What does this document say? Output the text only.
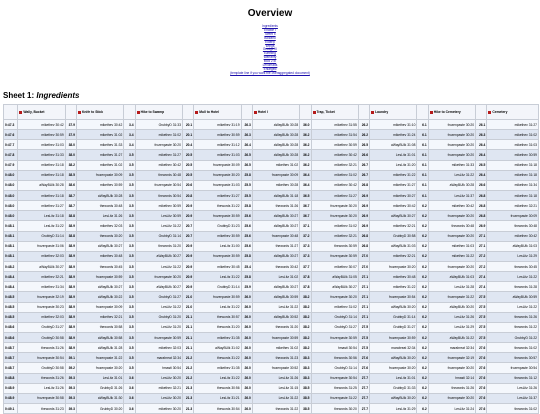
Overview
Ingredients
Enable I
Tweet II
Bolzano
Elderly
Wings
Grudge III
Earthing
Warranty
Mod 2 III
Lexomads
Enlarged
(template line if you want the overaggregated document)
Sheet 1: Ingredients
	Wally, Bucket		Knife to Stick		Hike to Swamp		Mull to Hotel		Hotel I		Trap, Ticket		Laundry		Hike to Cemetery		Cemetery
0:47.3	mikethev 30:42	37.9	mikethev 30:42	3.4	GrubbyD 31:33	20.1	mikethev 31:19	26.3	aWayBUlk 30:28	36.0	mikethev 31:55	26.2	mikethev 31:10	6.1	frozenpaste 30:20	26.1	mikethev 31:27
0:47.6	mikethev 30:59	37.9	mikethev 31:02	3.4	mikethev 31:02	20.1	mikethev 30:59	26.3	aWayBUlk 30:28	36.2	mikethev 31:54	26.2	mikethev 31:24	6.1	frozenpaste 30:20	26.3	mikethev 31:02
0:47.7	mikethev 31:03	38.0	mikethev 31:33	3.4	frozenpaste 30:20	20.4	mikethev 31:12	26.4	aWayBUlk 30:28	36.2	mikethev 30:59	26.5	aWayBUlk 31:08	6.1	frozenpaste 30:20	26.4	mikethev 31:03
0:47.8	mikethev 31:33	38.0	mikethev 31:27	3.5	mikethev 31:27	20.5	mikethev 31:03	26.5	aWayBUlk 30:28	36.2	mikethev 30:42	26.6	LesLitz 31:01	6.1	frozenpaste 30:20	26.4	mikethev 30:59
0:47.9	mikethev 31:18	38.2	mikethev 31:02	3.5	mikethev 30:42	20.5	frozenpaste 30:09	26.5	mikethev 31:02	36.2	mikethev 32:21	26.7	LesLitz 31:20	6.1	mikethev 31:33	26.5	mikethev 31:18
0:48.0	mikethev 31:18	38.5	frozenpaste 30:09	3.5	thewords 30:48	20.5	frozenpaste 30:20	25.8	frozenpaste 30:09	36.4	mikethev 31:02	26.7	mikethev 31:22	6.1	LesLitz 31:22	26.4	mikethev 31:18
0:48.0	aWayBUlk 30:28	38.6	mikethev 30:59	3.5	frozenpaste 30:54	20.6	frozenpaste 31:03	25.5	mikethev 30:28	36.4	mikethev 30:42	26.8	mikethev 31:27	6.1	aWayBUlk 30:28	26.6	mikethev 31:34
0:48.0	mikethev 31:18	38.7	aWayBUlk 30:28	3.5	thewords 30:54	20.8	mikethev 31:27	25.5	aWayBUlk 31:18	36.5	mikethev 31:27	26.9	mikethev 30:27	6.1	LesLitz 31:37	26.8	mikethev 31:18
0:48.0	mikethev 31:27	38.7	thewords 30:48	3.5	mikethev 30:59	20.9	thewords 31:22	25.8	thewords 31:26	36.7	frozenpaste 30:20	26.9	mikethev 30:42	6.2	mikethev 30:42	26.8	mikethev 32:21
0:48.0	LesLitz 31:18	38.8	LesLitz 31:26	3.5	LesLitz 30:59	20.9	frozenpaste 30:59	25.6	aWayBUlk 30:27	36.7	frozenpaste 30:20	26.9	aWayBUlk 30:27	6.2	frozenpaste 30:20	26.8	frozenpaste 30:09
0:48.1	LesLitz 31:22	38.9	mikethev 32:03	3.5	LesLitz 31:22	20.7	GrubbyD 31:23	25.6	aWayBUlk 30:27	37.1	mikethev 31:02	26.9	mikethev 32:21	6.2	thewords 30:48	26.9	thewords 30:48
0:48.1	GrubbyD 31:14	38.8	thewords 30:20	3.5	GrubbyD 31:14	20.7	mikethev 30:59	25.6	frozenpaste 30:48	37.2	mikethev 32:21	26.8	GrubbyD 30:58	6.2	frozenpaste 30:20	27.1	mikethev 30:42
0:48.1	frozenpaste 31:06	38.9	aWayBUlk 30:27	3.5	thewords 31:20	20.9	LesLitz 31:00	25.6	thewords 31:27	37.3	thewords 30:59	26.8	aWayBUlk 31:03	6.2	mikethev 31:03	27.1	aWayBUlk 31:03
0:48.1	mikethev 32:03	38.9	mikethev 30:48	3.5	aWayBUlk 30:27	20.9	frozenpaste 30:59	25.8	aWayBUlk 30:27	37.3	frozenpaste 30:59	27.0	mikethev 32:21	6.2	mikethev 31:22	27.2	LesLitz 31:29
0:48.2	aWayBUlk 30:27	38.9	thewords 30:45	3.5	LesLitz 31:22	20.9	mikethev 30:45	25.4	thewords 30:42	37.7	mikethev 30:07	27.0	frozenpaste 30:20	6.2	frozenpaste 30:20	27.2	thewords 30:45
0:48.4	mikethev 32:21	38.9	frozenpaste 30:59	3.5	frozenpaste 30:20	20.9	LesLitz 31:22	25.8	LesLitz 31:02	37.8	aWayBUlk 31:05	27.1	mikethev 30:48	6.2	aWayBUlk 31:03	27.4	LesLitz 31:22
0:48.4	mikethev 31:34	38.9	aWayBUlk 30:27	3.5	aWayBUlk 30:27	20.9	GrubbyD 31:14	25.9	aWayBUlk 30:27	37.8	aWayBUlk 30:27	27.1	mikethev 31:22	6.2	LesLitz 31:28	27.4	thewords 31:28
0:48.5	frozenpaste 32:19	38.9	aWayBUlk 30:22	3.5	GrubbyD 31:27	21.0	frozenpaste 30:59	26.0	aWayBUlk 30:59	38.2	frozenpaste 30:20	27.1	frozenpaste 30:54	6.2	frozenpaste 31:22	27.5	aWayBUlk 30:59
0:48.5	frozenpaste 30:23	38.9	frozenpaste 30:09	3.5	LesLitz 31:22	21.0	LesLitz 31:22	26.0	LesLitz 31:22	38.2	mikethev 31:02	27.1	aWayBUlk 30:20	6.2	aWayBUlk 30:20	27.5	LesLitz 31:22
0:48.5	mikethev 32:03	38.9	mikethev 32:21	3.5	GrubbyD 31:20	21.1	thewords 30:57	26.0	aWayBUlk 30:52	38.2	GrubbyD 31:14	27.1	GrubbyD 31:14	6.2	LesLitz 31:26	27.5	thewords 31:26
0:48.6	GrubbyD 31:27	38.9	thewords 30:58	3.5	LesLitz 31:20	21.1	thewords 31:20	26.0	thewords 31:20	38.2	GrubbyD 31:27	27.5	GrubbyD 31:27	6.2	LesLitz 31:29	27.5	thewords 31:22
0:48.6	GrubbyD 30:58	38.9	aWayBUlk 30:58	3.5	frozenpaste 30:59	21.1	mikethev 31:35	26.0	frozenpaste 30:59	38.2	frozenpaste 30:59	27.5	frozenpaste 30:59	6.2	aWayBUlk 31:22	27.5	GrubbyD 31:22
0:48.7	thewords 31:26	38.9	aWayBUlk 31:28	3.5	mikethev 32:03	21.1	aWayBUlk 31:02	26.0	mikethev 31:02	38.2	hmasti 30:54	27.5	marabreat 32:34	6.2	marabreat 32:34	27.6	thewords 31:02
0:48.7	frozenpaste 30:54	39.1	frozenpaste 31:22	3.5	marabreat 32:34	21.2	thewords 31:22	26.0	thewords 31:23	38.3	thewords 30:56	27.6	aWayBUlk 30:20	6.2	frozenpaste 32:19	27.6	thewords 30:57
0:48.7	GrubbyD 30:58	39.2	frozenpaste 30:20	3.5	hmasti 30:54	21.2	mikethev 31:35	26.0	frozenpaste 30:52	38.3	GrubbyD 31:14	27.6	frozenpaste 30:20	6.2	frozenpaste 30:20	27.6	frozenpaste 30:54
0:48.8	thewords 31:26	39.3	LesLitz 31:01	3.6	LesLitz 30:20	21.2	LesLitz 31:22	26.0	LesLitz 31:26	38.3	frozenpaste 30:54	27.7	LesLitz 31:01	6.2	hmasti 32:14	27.6	thewords 31:12
0:48.9	LesLitz 31:26	39.3	GrubbyD 31:26	3.6	mikethev 32:21	21.3	thewords 30:56	26.0	LesLitz 31:15	38.5	thewords 31:25	27.7	GrubbyD 31:33	6.2	thewords 31:26	27.6	LesLitz 31:26
0:48.9	frozenpaste 30:58	39.3	aWayBUlk 31:30	3.6	LesLitz 30:20	21.3	LesLitz 31:21	26.0	LesLitz 31:22	38.5	frozenpaste 31:22	27.7	aWayBUlk 30:20	6.2	frozenpaste 30:20	27.6	LesLitz 31:37
0:49.1	thewords 31:23	39.3	GrubbyD 30:20	3.6	mikethev 30:20	21.3	thewords 30:54	26.0	thewords 31:22	38.5	thewords 30:20	27.7	LesLitz 31:29	6.2	LesLitz 31:24	27.6	thewords 31:02
